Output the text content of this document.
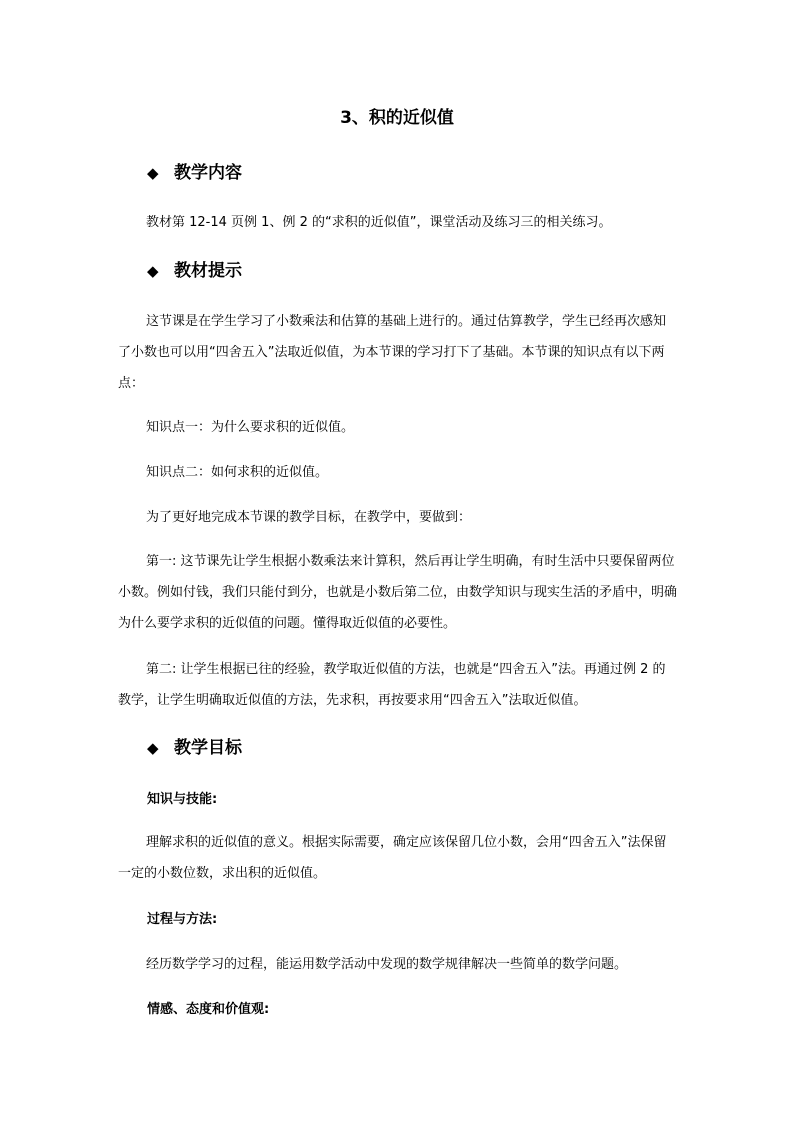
3、积的近似值
◆ 教学内容

教材第 12-14 页例 1、例 2 的“求积的近似值”，课堂活动及练习三的相关练习。

◆ 教材提示

这节课是在学生学习了小数乘法和估算的基础上进行的。通过估算教学，学生已经再次感知了小数也可以用“四舍五入”法取近似值，为本节课的学习打下了基础。本节课的知识点有以下两点：

知识点一：为什么要求积的近似值。

知识点二：如何求积的近似值。

为了更好地完成本节课的教学目标，在教学中，要做到：

第一: 这节课先让学生根据小数乘法来计算积，然后再让学生明确，有时生活中只要保留两位小数。例如付钱，我们只能付到分，也就是小数后第二位，由数学知识与现实生活的矛盾中，明确为什么要学求积的近似值的问题。懂得取近似值的必要性。

第二: 让学生根据已往的经验，教学取近似值的方法，也就是“四舍五入”法。再通过例 2 的教学，让学生明确取近似值的方法，先求积，再按要求用“四舍五入”法取近似值。

◆ 教学目标
知识与技能:

理解求积的近似值的意义。根据实际需要，确定应该保留几位小数，会用“四舍五入”法保留一定的小数位数，求出积的近似值。

过程与方法:

经历数学学习的过程，能运用数学活动中发现的数学规律解决一些简单的数学问题。

情感、态度和价值观:
